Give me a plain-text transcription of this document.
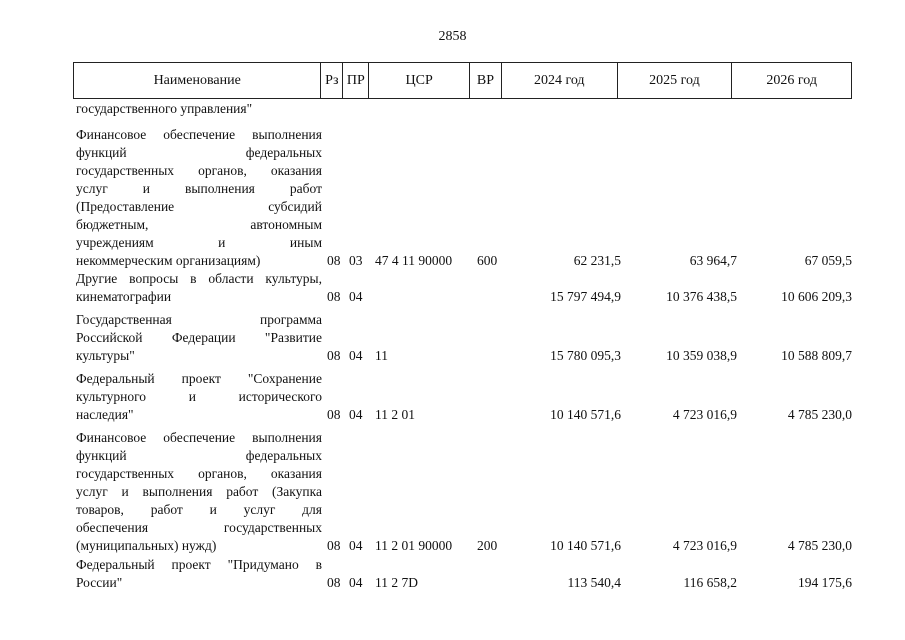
2858
Наименование	Рз ПР	ЦСР	ВР	2024 год	2025 год	2026 год
государственного управления"
Финансовое обеспечение выполнения
функций федеральных
государственных органов, оказания
услуг и выполнения работ
(Предоставление субсидий
бюджетным, автономным
учреждениям и иным
некоммерческим организациям)	08 03 47 4 11 90000 600	62 231,5	63 964,7	67 059,5
Другие вопросы в области культуры,
кинематографии	08 04	15 797 494,9	10 376 438,5	10 606 209,3
Государственная программа
Российской Федерации "Развитие
культуры"	08 04 11	15 780 095,3	10 359 038,9	10 588 809,7
Федеральный проект "Сохранение
культурного и исторического
наследия"	08 04 11 2 01	10 140 571,6	4 723 016,9	4 785 230,0
Финансовое обеспечение выполнения
функций федеральных
государственных органов, оказания
услуг и выполнения работ (Закупка
товаров, работ и услуг для
обеспечения государственных
(муниципальных) нужд)	08 04 11 2 01 90000 200	10 140 571,6	4 723 016,9	4 785 230,0
Федеральный проект "Придумано в
России"	08 04 11 2 7D	113 540,4	116 658,2	194 175,6
